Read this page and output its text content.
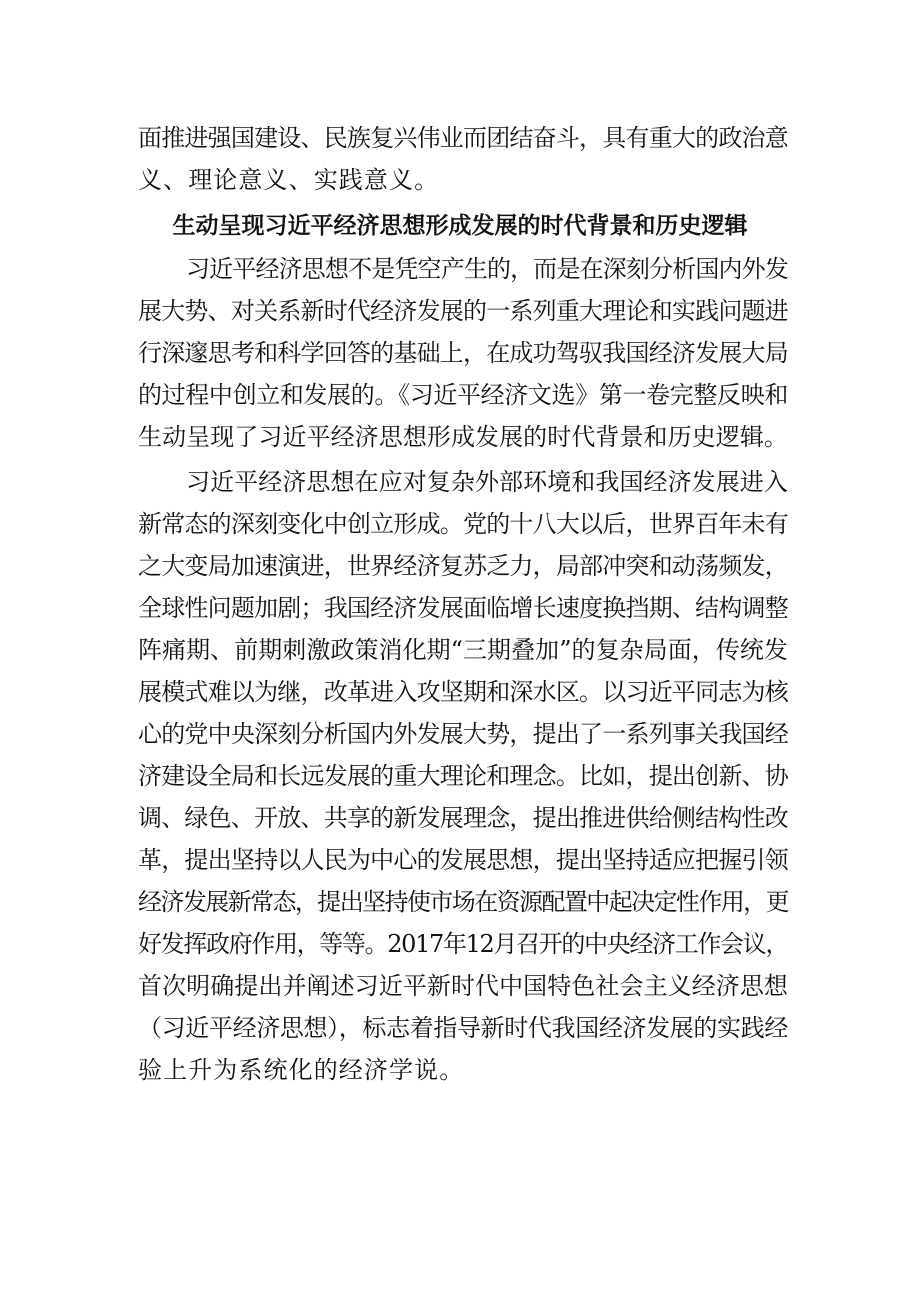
面推进强国建设、民族复兴伟业而团结奋斗，具有重大的政治意
义、理论意义、实践意义。
生动呈现习近平经济思想形成发展的时代背景和历史逻辑
习近平经济思想不是凭空产生的，而是在深刻分析国内外发
展大势、对关系新时代经济发展的一系列重大理论和实践问题进
行深邃思考和科学回答的基础上，在成功驾驭我国经济发展大局
的过程中创立和发展的。《习近平经济文选》第一卷完整反映和
生动呈现了习近平经济思想形成发展的时代背景和历史逻辑。
习近平经济思想在应对复杂外部环境和我国经济发展进入
新常态的深刻变化中创立形成。党的十八大以后，世界百年未有
之大变局加速演进，世界经济复苏乏力，局部冲突和动荡频发，
全球性问题加剧；我国经济发展面临增长速度换挡期、结构调整
阵痛期、前期刺激政策消化期“三期叠加”的复杂局面，传统发
展模式难以为继，改革进入攻坚期和深水区。以习近平同志为核
心的党中央深刻分析国内外发展大势，提出了一系列事关我国经
济建设全局和长远发展的重大理论和理念。比如，提出创新、协
调、绿色、开放、共享的新发展理念，提出推进供给侧结构性改
革，提出坚持以人民为中心的发展思想，提出坚持适应把握引领
经济发展新常态，提出坚持使市场在资源配置中起决定性作用，更
好发挥政府作用，等等。2017年12月召开的中央经济工作会议，
首次明确提出并阐述习近平新时代中国特色社会主义经济思想
（习近平经济思想），标志着指导新时代我国经济发展的实践经
验上升为系统化的经济学说。
